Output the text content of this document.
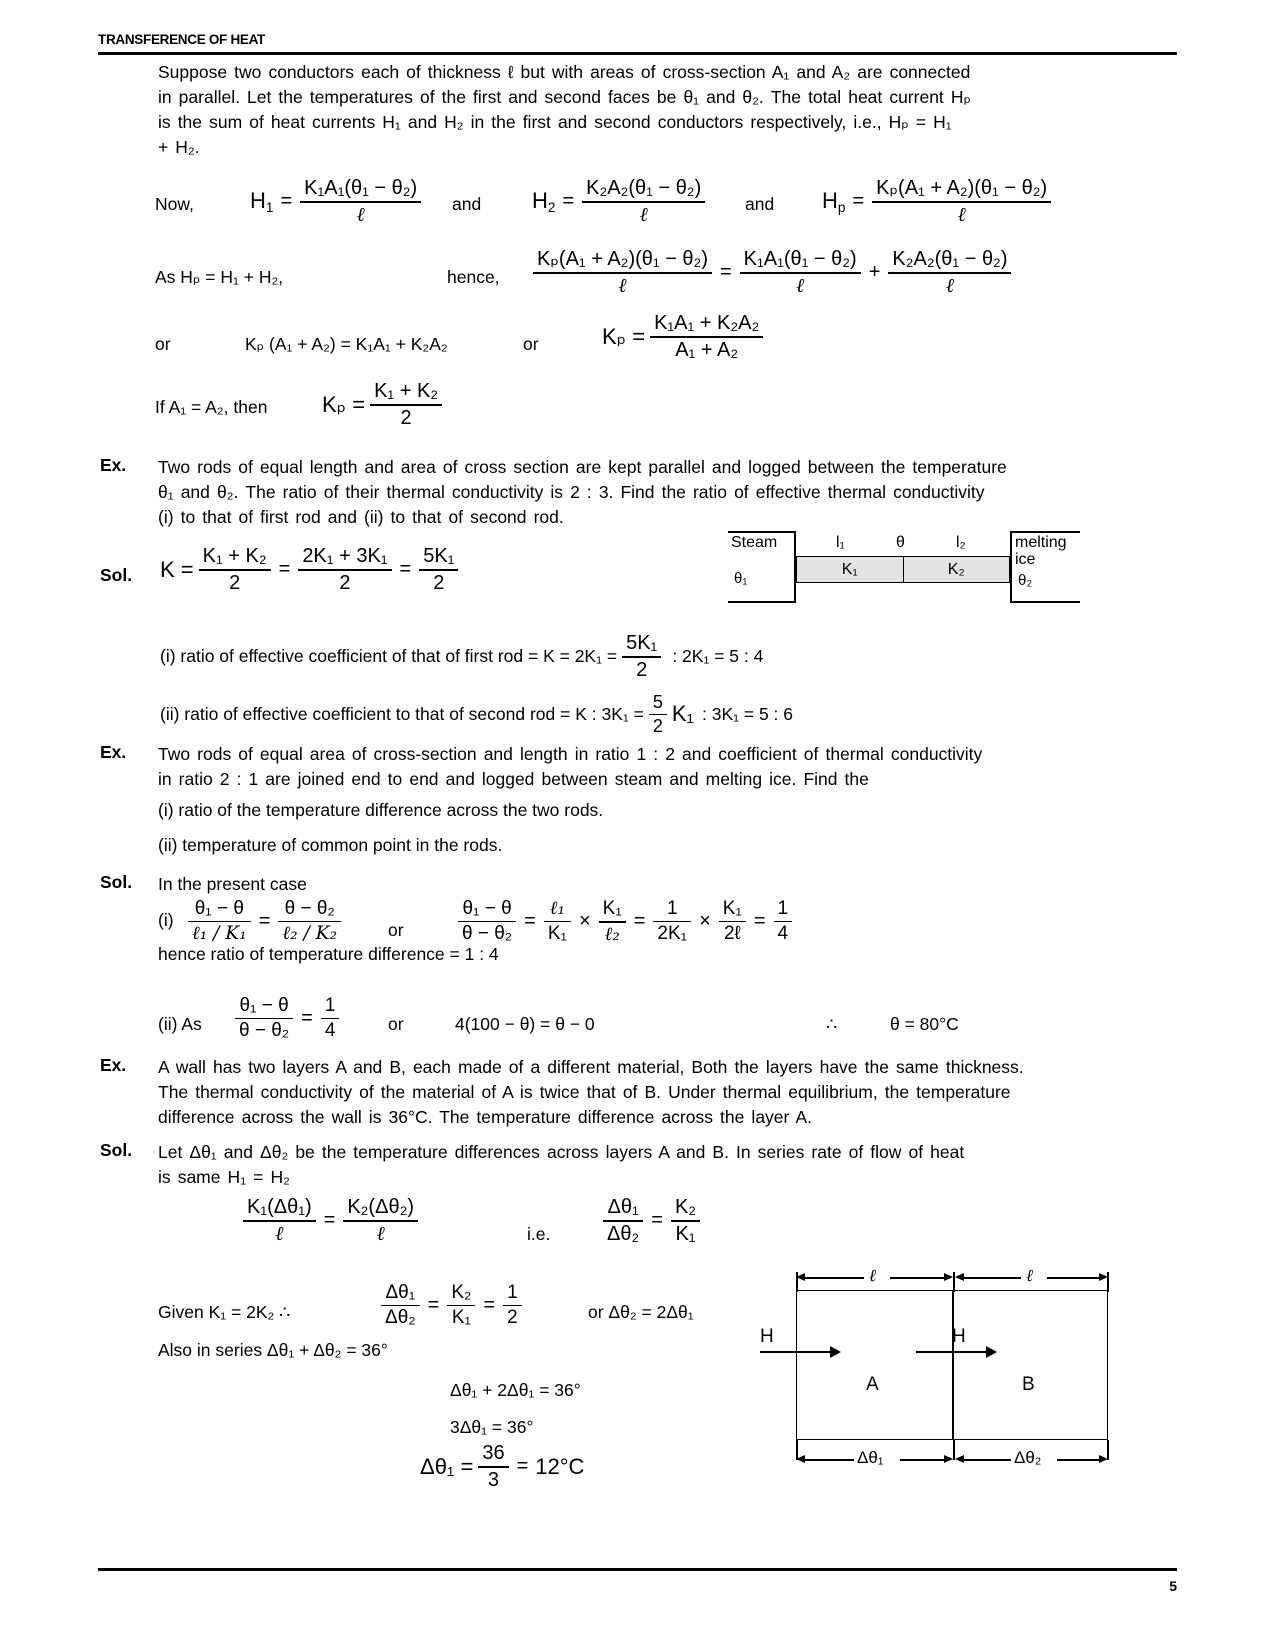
TRANSFERENCE OF HEAT
Suppose two conductors each of thickness ℓ but with areas of cross-section A₁ and A₂ are connected
in parallel. Let the temperatures of the first and second faces be θ₁ and θ₂. The total heat current Hₚ
is the sum of heat currents H₁ and H₂ in the first and second conductors respectively, i.e., Hₚ = H₁
+ H₂.
Now,	$H_1 = \frac{\text{K₁A₁(θ₁ − θ₂)}}{\text{ℓ}}$ and $H_2 = \frac{\text{K₂A₂(θ₁ − θ₂)}}{\text{ℓ}}$ and $H_p = \frac{\text{Kₚ(A₁ + A₂)(θ₁ − θ₂)}}{\text{ℓ}}$
As Hₚ = H₁ + H₂,	hence, $\frac{\text{Kₚ(A₁ + A₂)(θ₁ − θ₂)}}{\text{ℓ}} = \frac{\text{K₁A₁(θ₁ − θ₂)}}{\text{ℓ}} + \frac{\text{K₂A₂(θ₁ − θ₂)}}{\text{ℓ}}$
or	Kₚ (A₁ + A₂) = K₁A₁ + K₂A₂	or	$K_p = \frac{\text{K₁A₁ + K₂A₂}}{\text{A₁ + A₂}}$
If A₁ = A₂, then $K_p = \frac{\text{K₁ + K₂}}{2}$
Ex. Two rods of equal length and area of cross section are kept parallel and logged between the temperature
θ₁ and θ₂. The ratio of their thermal conductivity is 2 : 3. Find the ratio of effective thermal conductivity
(i) to that of first rod and (ii) to that of second rod.
Sol. $K = \frac{\text{K₁ + K₂}}{2} = \frac{\text{2K₁ + 3K₁}}{2} = \frac{\text{5K₁}}{2}$
Steam
θ₁
l₁	θ	l₂
K₁	K₂
melting
ice
θ₂
(i) ratio of effective coefficient of that of first rod = $K = 2K_1 = \frac{\text{5K₁}}{2}$ : 2K₁ = 5 : 4
(ii) ratio of effective coefficient to that of second rod = K : $3K_1 = \frac{5}{2} K_1$ : 3K₁ = 5 : 6
Ex. Two rods of equal area of cross-section and length in ratio 1 : 2 and coefficient of thermal conductivity
in ratio 2 : 1 are joined end to end and logged between steam and melting ice. Find the
(i) ratio of the temperature difference across the two rods.
(ii) temperature of common point in the rods.
Sol. In the present case
$(i) \frac{\text{θ₁ − θ}}{\text{ℓ₁ / K₁}} = \frac{\text{θ − θ₂}}{\text{ℓ₂ / K₂}}$	or	$\frac{\text{θ₁ − θ}}{\text{θ − θ₂}} = \frac{\text{ℓ₁}}{\text{K₁}} \times \frac{\text{K₁}}{\text{ℓ₂}} = \frac{1}{\text{2K₁}} \times \frac{\text{K₁}}{\text{2ℓ}} = \frac{1}{4}$
hence ratio of temperature difference = 1 : 4
(ii) As $\frac{\text{θ₁ − θ}}{\text{θ − θ₂}} = \frac{1}{4}$	or	4(100 − θ) = θ − 0	∴	θ = 80°C
Ex. A wall has two layers A and B, each made of a different material, Both the layers have the same thickness.
The thermal conductivity of the material of A is twice that of B. Under thermal equilibrium, the temperature
difference across the wall is 36°C. The temperature difference across the layer A.
Sol. Let Δθ₁ and Δθ₂ be the temperature differences across layers A and B. In series rate of flow of heat
is same H₁ = H₂
$\frac{\text{K₁(Δθ₁)}}{\text{ℓ}} = \frac{\text{K₂(Δθ₂)}}{\text{ℓ}}$	i.e.	$\frac{\text{Δθ₁}}{\text{Δθ₂}} = \frac{\text{K₂}}{\text{K₁}}$
Given K₁ = 2K₂ ∴	$\frac{\text{Δθ₁}}{\text{Δθ₂}} = \frac{\text{K₂}}{\text{K₁}} = \frac{1}{2}$	or Δθ₂ = 2Δθ₁
Also in series Δθ₁ + Δθ₂ = 36°
Δθ₁ + 2Δθ₁ = 36°
3Δθ₁ = 36°
$\Delta\theta_1 = \frac{36}{3} = 12^\circ C$
ℓ	ℓ
A	B
H	H
Δθ₁	Δθ₂
5
